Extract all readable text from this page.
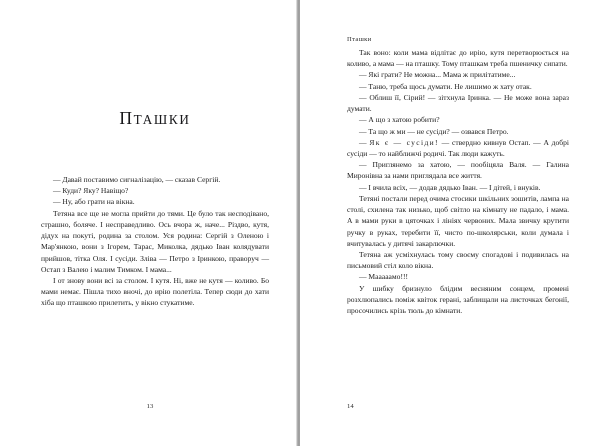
ПТАШКИ

— Давай поставимо сигналізацію, — сказав Сергій.

— Куди? Яку? Навіщо?

— Ну, або грати на вікна.

Тетяна все ще не могла прийти до тями. Це було так несподівано, страшно, боляче. І несправедливо. Ось вчора ж, наче... Різдво, кутя, дідух на покуті, родина за столом. Уся родина: Сергій з Оленою і Мар'янкою, вони з Ігорем, Тарас, Миколка, дядько Іван колядувати прийшов, тітка Оля. І сусіди. Зліва — Петро з Іринкою, праворуч — Остап з Валею і малим Тимком. І мама...

І от знову вони всі за столом. І кутя. Ні, вже не кутя — коливо. Бо мами немає. Пішла тихо вночі, до ирію полетіла. Тепер сюди до хати хіба що пташкою прилетить, у вікно стукатиме.

13
Пташки

Так воно: коли мама відлітає до ирію, кутя перетворюється на коливо, а мама — на пташку. Тому пташкам треба пшеничку сипати.

— Які грати? Не можна... Мама ж прилітатиме...

— Таню, треба щось думати. Не лишимо ж хату отак.

— Облиш її, Сірий! — зітхнула Іринка. — Не може вона зараз думати.

— А що з хатою робити?

— Та що ж ми — не сусіди? — озвався Петро.

— Як є — сусіди! — ствердно кивнув Остап. — А добрі сусіди — то найближчі родичі. Так люди кажуть.

— Приглянемо за хатою, — пообіцяла Валя. — Галина Миронівна за нами приглядала все життя.

— І вчила всіх, — додав дядько Іван. — І дітей, і внуків.

Тетяні постали перед очима стосики шкільних зошитів, лампа на столі, схилена так низько, щоб світло на кімнату не падало, і мама. А в мами руки в цяточках і лініях червоних. Мала звичку крутити ручку в руках, теребити її, чисто по-школярськи, коли думала і вчитувалась у дитячі закарлючки.

Тетяна аж усміхнулась тому своєму спогадові і подивилась на письмовий стіл коло вікна.

— Мааааамо!!!

У шибку бризнуло блідим весняним сонцем, промені розхлюпались поміж квіток герані, заблищали на листочках бегонії, просочились крізь тюль до кімнати.

14
